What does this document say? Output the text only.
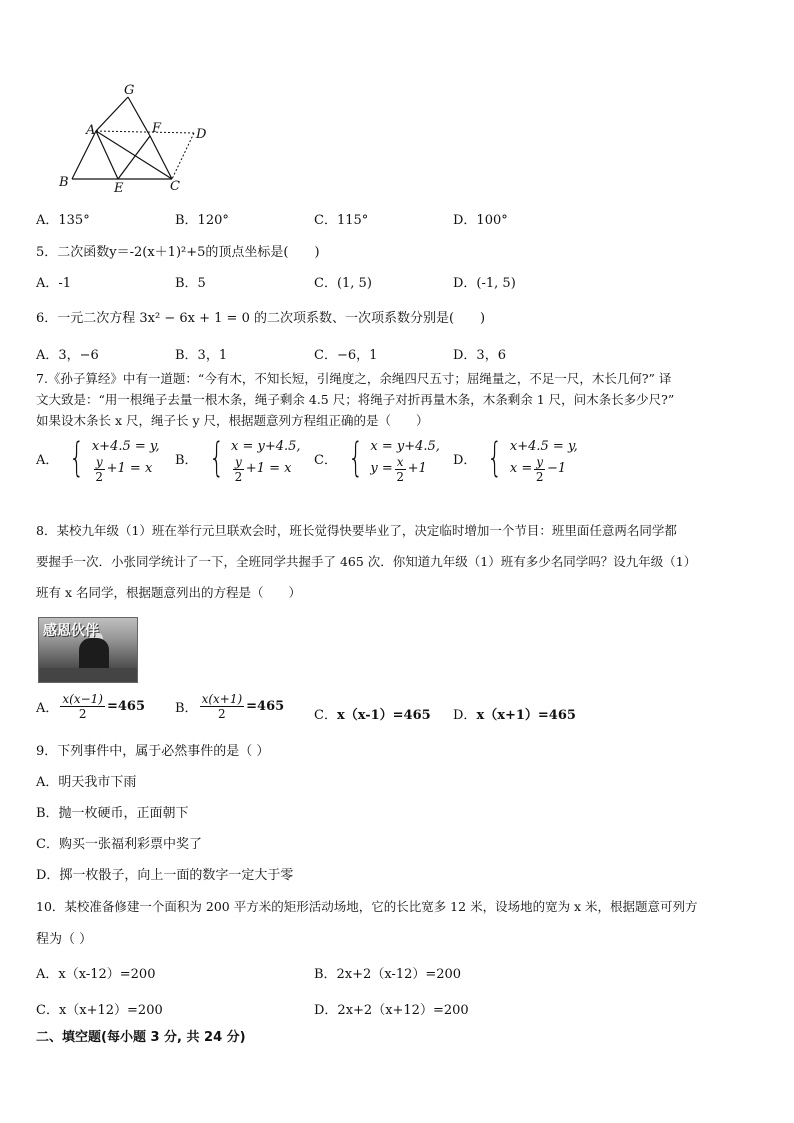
G
A	F	D
B	E	C
A．135°	B．120°	C．115°	D．100°
5．二次函数y＝-2(x＋1)²+5的顶点坐标是(　　)
A．-1	B．5	C．(1, 5)	D．(-1, 5)
6．一元二次方程 3x² − 6x + 1 = 0 的二次项系数、一次项系数分别是(　　)
A．3，−6	B．3，1	C．−6，1	D．3，6
7.《孙子算经》中有一道题：“今有木，不知长短，引绳度之，余绳四尺五寸；屈绳量之，不足一尺，木长几何?” 译
文大致是：“用一根绳子去量一根木条，绳子剩余 4.5 尺；将绳子对折再量木条，木条剩余 1 尺，问木条长多少尺?”
如果设木条长 x 尺，绳子长 y 尺，根据题意列方程组正确的是（　　）
A． { x+4.5 = y,
$\frac{y}{2} +1 = x$
B． { x = y+4.5,
$\frac{y}{2} +1 = x$
C． { x = y+4.5,
$y = \frac{x}{2} +1$
D． { x+4.5 = y,
$x = \frac{y}{2} -1$
8．某校九年级（1）班在举行元旦联欢会时，班长觉得快要毕业了，决定临时增加一个节目：班里面任意两名同学都
要握手一次．小张同学统计了一下，全班同学共握手了 465 次．你知道九年级（1）班有多少名同学吗？设九年级（1）
班有 x 名同学，根据题意列出的方程是（　　）
感恩伙伴
A． $\frac{x(x-1)}{2} =465$ B． $\frac{x(x+1)}{2} =465$
C．x（x-1）=465 D．x（x+1）=465
9．下列事件中，属于必然事件的是（ ）
A．明天我市下雨
B．抛一枚硬币，正面朝下
C．购买一张福利彩票中奖了
D．掷一枚骰子，向上一面的数字一定大于零
10．某校准备修建一个面积为 200 平方米的矩形活动场地，它的长比宽多 12 米，设场地的宽为 x 米，根据题意可列方
程为（ ）
A．x（x-12）=200	B．2x+2（x-12）=200
C．x（x+12）=200	D．2x+2（x+12）=200
二、填空题(每小题 3 分, 共 24 分)
